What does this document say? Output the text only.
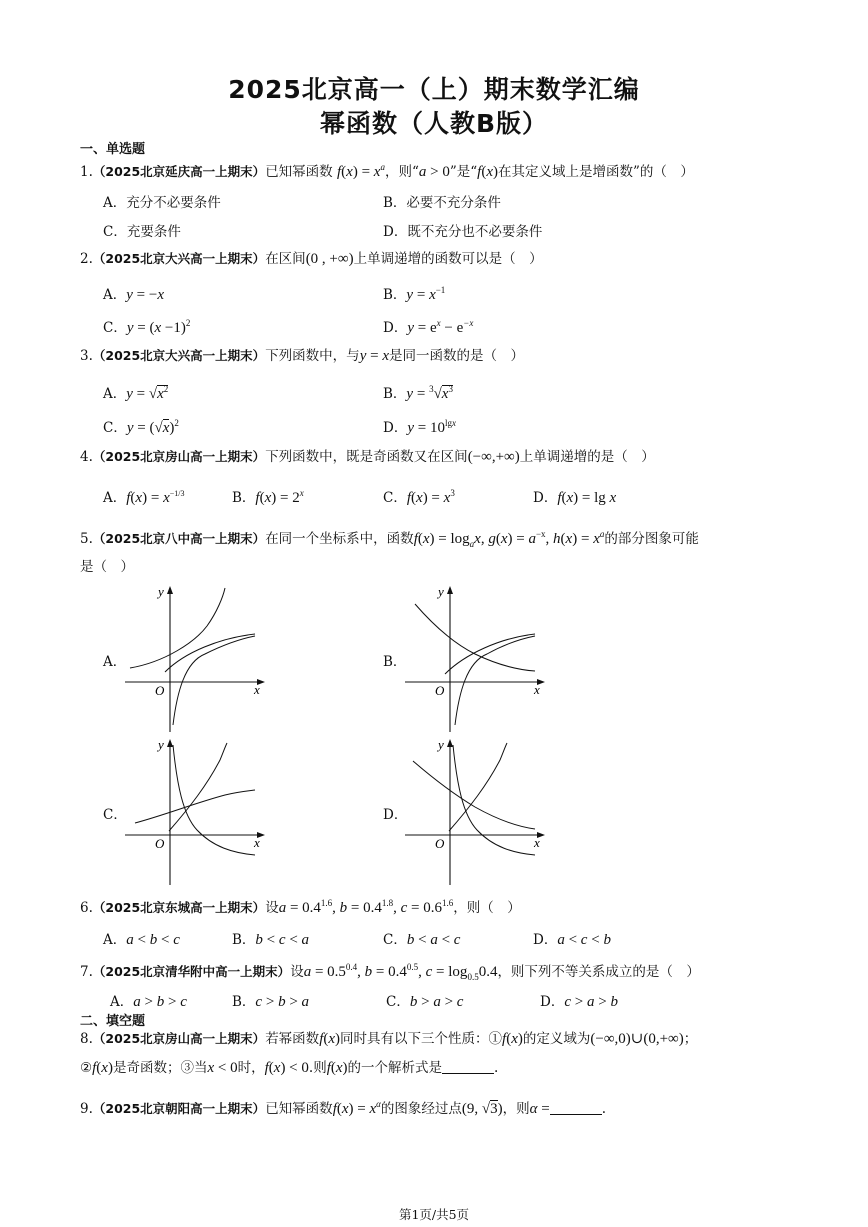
2025北京高一（上）期末数学汇编
幂函数（人教B版）
一、单选题
1.（2025北京延庆高一上期末）已知幂函数 $f(x) = x^a$，则“a > 0”是“f(x)在其定义域上是增函数”的（　）
A．充分不必要条件	B．必要不充分条件
C．充要条件	D．既不充分也不必要条件
2.（2025北京大兴高一上期末）在区间(0 , +∞)上单调递增的函数可以是（　）
A．y = −x	B．$y = x^{-1}$
C．$y = (x -1)^2$	D．$y = e^x - e^{-x}$
3.（2025北京大兴高一上期末）下列函数中，与y = x是同一函数的是（　）
A．$y = √x^2$	B．$y = ^3√x^3$
C．$y = (√x)^2$	D．$y = 10^{lgx}$
4.（2025北京房山高一上期末）下列函数中，既是奇函数又在区间(−∞,+∞)上单调递增的是（　）
A．$f(x) = x^{-1/3}$	B．$f(x) = 2^x$	C．$f(x) = x^3$	D．f(x) = lg x
5.（2025北京八中高一上期末）在同一个坐标系中，函数$f(x) = \log_ax$, $g(x) = a^{-x}$, $h(x) = x^a$的部分图象可能
是（　）
A．
y
x
O
B．
y
x
O
C．
y
x
O
D．
y
x
O
6.（2025北京东城高一上期末）设$a = 0.4^{1.6}$, $b = 0.4^{1.8}$, $c = 0.6^{1.6}$，则（　）
A．a < b < c	B．b < c < a	C．b < a < c	D．a < c < b
7.（2025北京清华附中高一上期末）设$a = 0.5^{0.4}$, $b = 0.4^{0.5}$, $c = \log_{0.5}0.4$，则下列不等关系成立的是（　）
A．a > b > c	B．c > b > a	C．b > a > c	D．c > a > b
二、填空题
8.（2025北京房山高一上期末）若幂函数f(x)同时具有以下三个性质：①f(x)的定义域为(−∞,0)∪(0,+∞)；
②f(x)是奇函数；③当x < 0时，f(x) < 0.则f(x)的一个解析式是	.
9.（2025北京朝阳高一上期末）已知幂函数$f(x) = x^\alpha$的图象经过点(9, √3)，则α =	.
第1页/共5页
